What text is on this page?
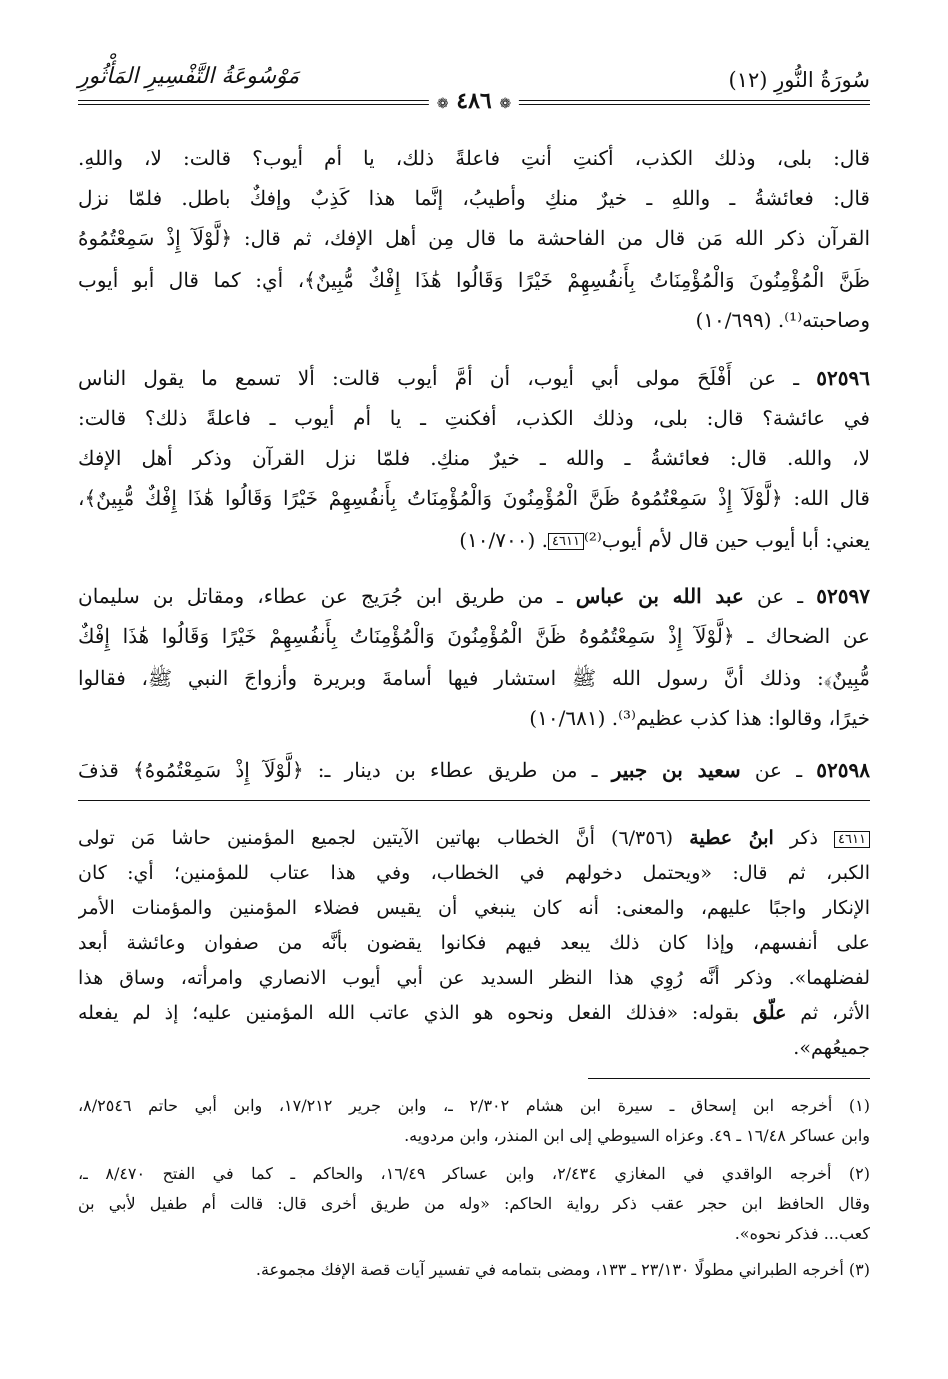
سُورَةُ النُّورِ (١٢)
مَوْسُوعَةُ التَّفْسِيرِ المَأْثُورِ
❁ ٤٨٦ ❁
قال: بلى، وذلك الكذب، أكنتِ أنتِ فاعلةً ذلك، يا أم أيوب؟ قالت: لا، واللهِ.
قال: فعائشةُ ـ واللهِ ـ خيرٌ منكِ وأطيبُ، إنَّما هذا كَذِبٌ وإفكٌ باطل. فلمّا نزل
القرآن ذكر الله مَن قال من الفاحشة ما قال مِن أهل الإفك، ثم قال: ﴿لَّوْلَآ إِذْ سَمِعْتُمُوهُ
ظَنَّ الْمُؤْمِنُونَ وَالْمُؤْمِنَاتُ بِأَنفُسِهِمْ خَيْرًا وَقَالُوا هَٰذَا إِفْكٌ مُّبِينٌ﴾، أي: كما قال أبو أيوب
وصاحبته⁽¹⁾. (١٠/٦٩٩)
٥٢٥٩٦ ـ عن أَفْلَحَ مولى أبي أيوب، أن أمَّ أيوب قالت: ألا تسمع ما يقول الناس
في عائشة؟ قال: بلى، وذلك الكذب، أفكنتِ ـ يا أم أيوب ـ فاعلةً ذلك؟ قالت:
لا، والله. قال: فعائشةُ ـ والله ـ خيرٌ منكِ. فلمّا نزل القرآن وذكر أهل الإفك
قال الله: ﴿لَّوْلَآ إِذْ سَمِعْتُمُوهُ ظَنَّ الْمُؤْمِنُونَ وَالْمُؤْمِنَاتُ بِأَنفُسِهِمْ خَيْرًا وَقَالُوا هَٰذَا إِفْكٌ مُّبِينٌ﴾،
يعني: أبا أيوب حين قال لأم أيوب⁽²⁾٤٦١١. (١٠/٧٠٠)
٥٢٥٩٧ ـ عن عبد الله بن عباس ـ من طريق ابن جُرَيج عن عطاء، ومقاتل بن سليمان
عن الضحاك ـ ﴿لَّوْلَآ إِذْ سَمِعْتُمُوهُ ظَنَّ الْمُؤْمِنُونَ وَالْمُؤْمِنَاتُ بِأَنفُسِهِمْ خَيْرًا وَقَالُوا هَٰذَا إِفْكٌ
مُّبِينٌ﴾: وذلك أنَّ رسول الله ﷺ استشار فيها أسامةَ وبريرة وأزواجَ النبي ﷺ، فقالوا
خيرًا، وقالوا: هذا كذب عظيم⁽³⁾. (١٠/٦٨١)
٥٢٥٩٨ ـ عن سعيد بن جبير ـ من طريق عطاء بن دينار ـ: ﴿لَّوْلَآ إِذْ سَمِعْتُمُوهُ﴾ قذفَ
٤٦١١ ذكر ابنُ عطية (٦/٣٥٦) أنَّ الخطاب بهاتين الآيتين لجميع المؤمنين حاشا مَن تولى
الكبر، ثم قال: «ويحتمل دخولهم في الخطاب، وفي هذا عتاب للمؤمنين؛ أي: كان
الإنكار واجبًا عليهم، والمعنى: أنه كان ينبغي أن يقيس فضلاء المؤمنين والمؤمنات الأمر
على أنفسهم، وإذا كان ذلك يبعد فيهم فكانوا يقضون بأنَّه من صفوان وعائشة أبعد
لفضلهما». وذكر أنَّه رُوِي هذا النظر السديد عن أبي أيوب الانصاري وامرأته، وساق هذا
الأثر، ثم علّق بقوله: «فذلك الفعل ونحوه هو الذي عاتب الله المؤمنين عليه؛ إذ لم يفعله
جميعُهم».
(١) أخرجه ابن إسحاق ـ سيرة ابن هشام ٢/٣٠٢ ـ، وابن جرير ١٧/٢١٢، وابن أبي حاتم ٨/٢٥٤٦،
وابن عساكر ١٦/٤٨ ـ ٤٩. وعزاه السيوطي إلى ابن المنذر، وابن مردويه.
(٢) أخرجه الواقدي في المغازي ٢/٤٣٤، وابن عساكر ١٦/٤٩، والحاكم ـ كما في الفتح ٨/٤٧٠ ـ،
وقال الحافظ ابن حجر عقب ذكر رواية الحاكم: «وله من طريق أخرى قال: قالت أم طفيل لأبي بن
كعب... فذكر نحوه».
(٣) أخرجه الطبراني مطولًا ٢٣/١٣٠ ـ ١٣٣، ومضى بتمامه في تفسير آيات قصة الإفك مجموعة.
